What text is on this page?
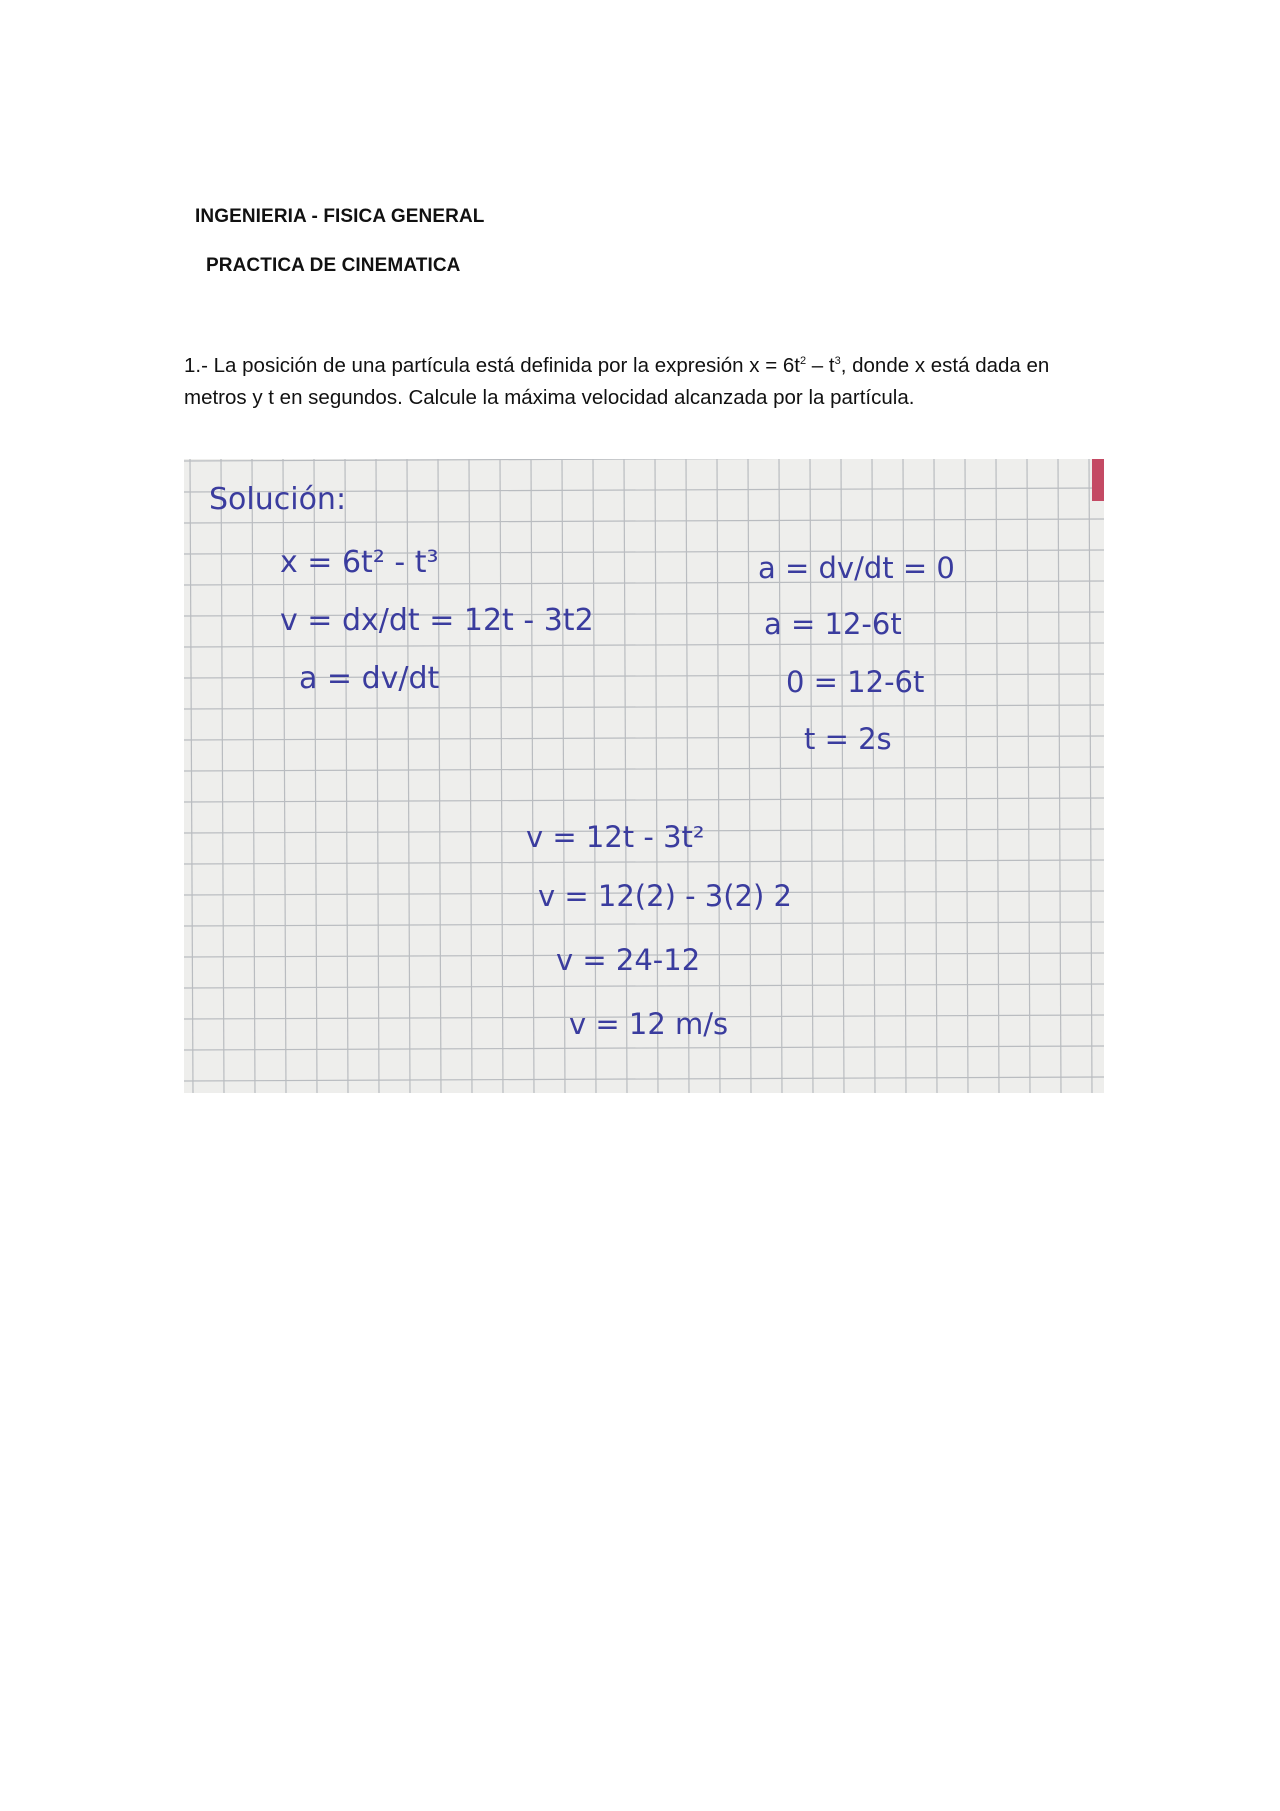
INGENIERIA - FISICA GENERAL
PRACTICA DE CINEMATICA
1.- La posición de una partícula está definida por la expresión $x = 6t^2 - t^3$, donde x está dada en metros y t en segundos. Calcule la máxima velocidad alcanzada por la partícula.
Solución:
x = 6t² - t³
v = dx/dt = 12t - 3t2
a = dv/dt
a = dv/dt = 0
a = 12-6t
0 = 12-6t
t = 2s
v = 12t - 3t²
v = 12(2) - 3(2) 2
v = 24-12
v = 12 m/s
